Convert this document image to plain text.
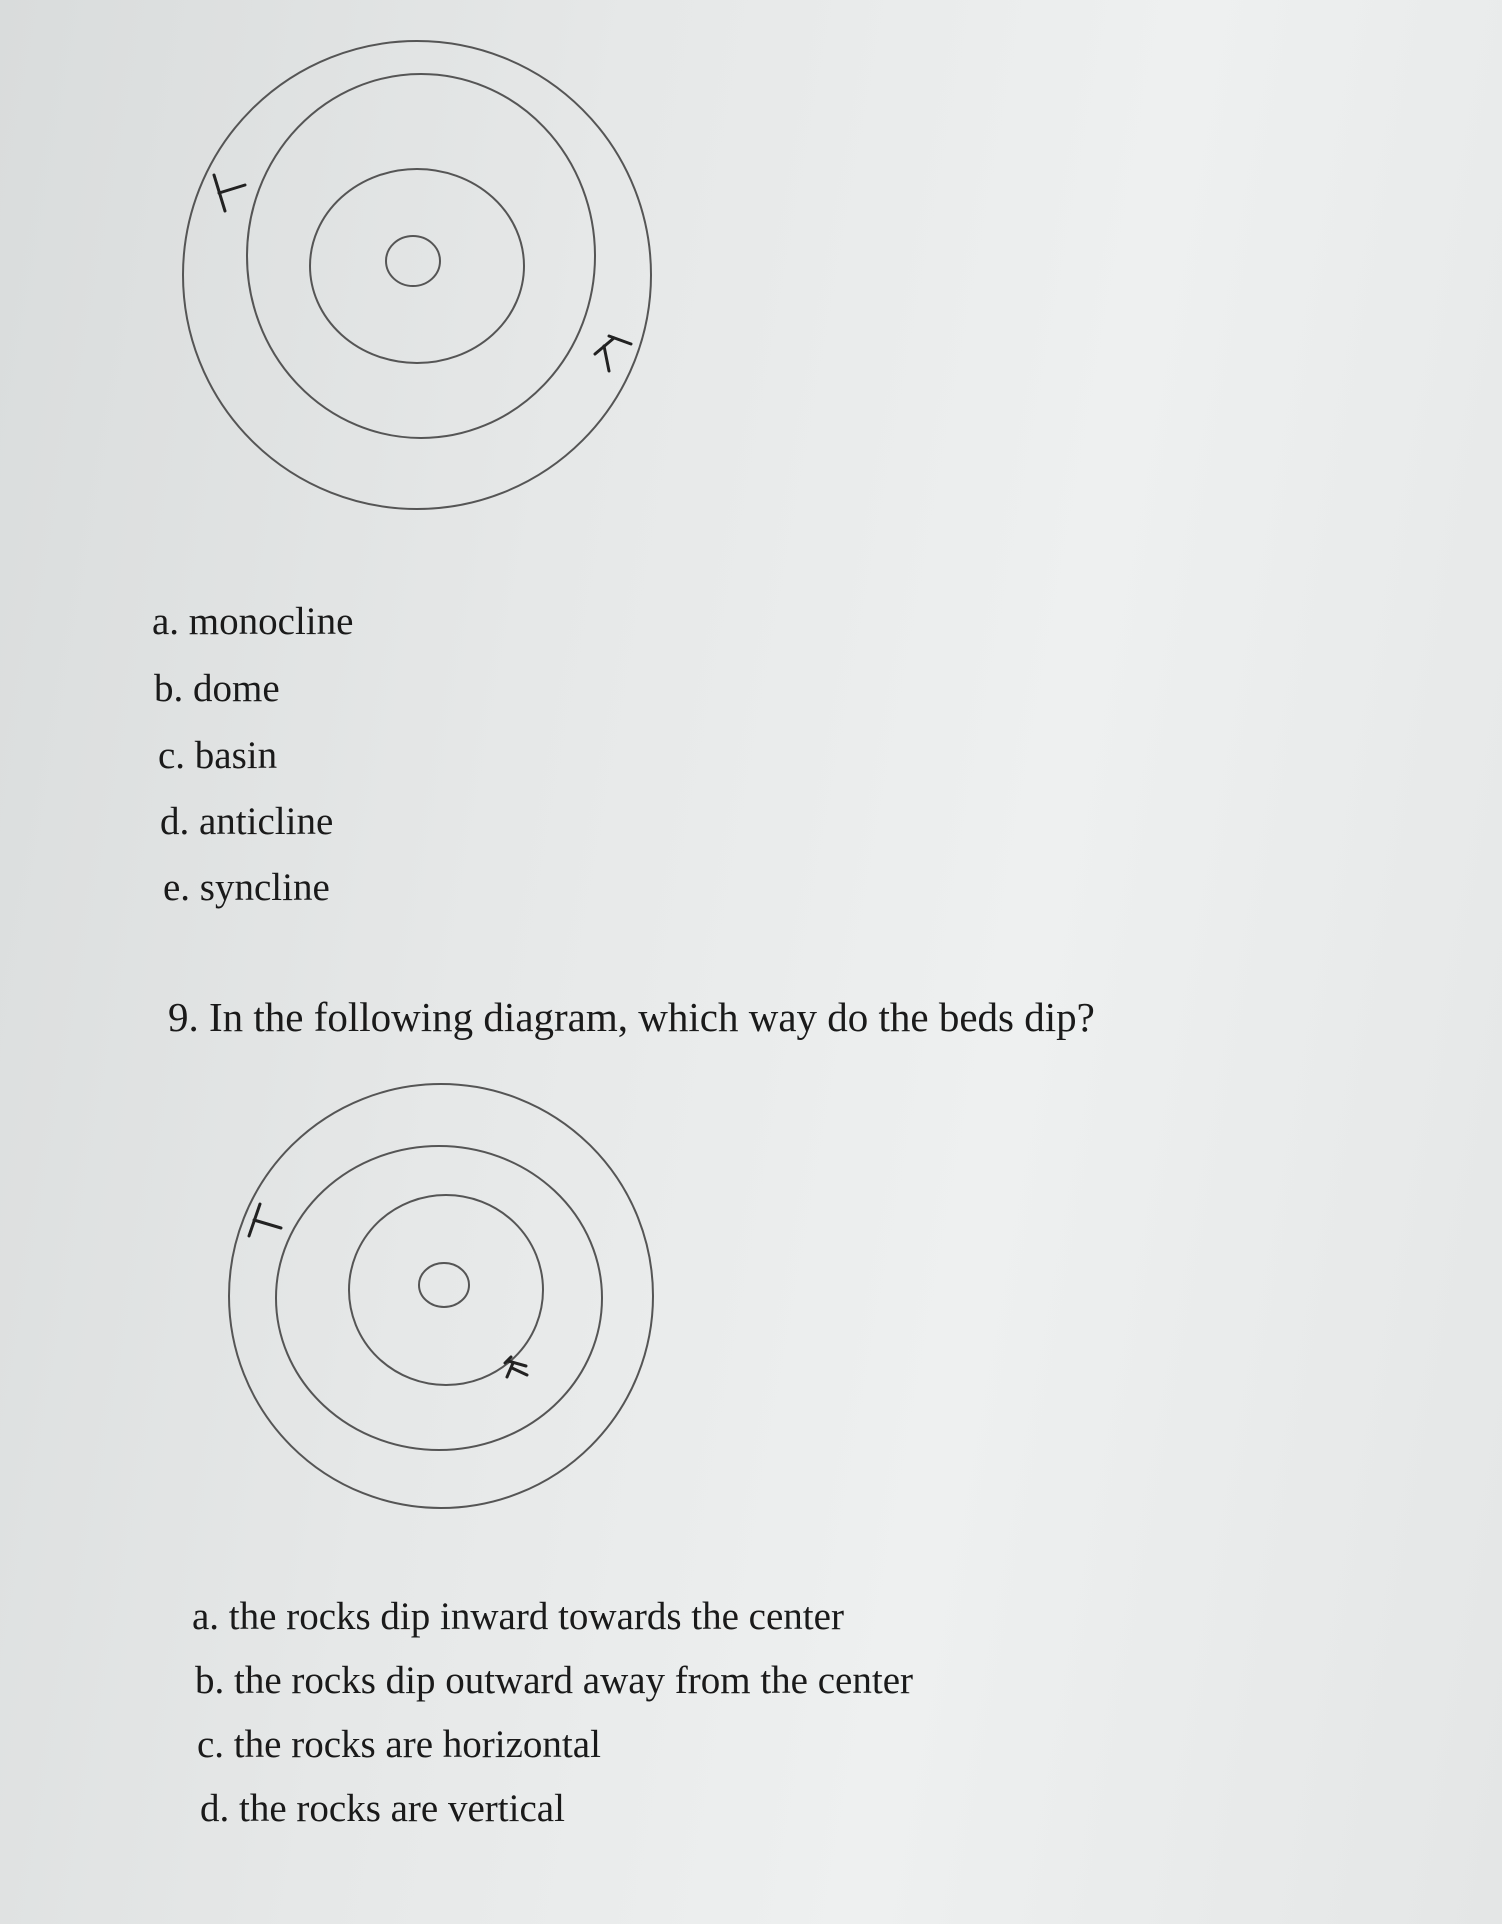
a. monocline
b. dome
c. basin
d. anticline
e. syncline
9. In the following diagram, which way do the beds dip?
a. the rocks dip inward towards the center
b. the rocks dip outward away from the center
c. the rocks are horizontal
d. the rocks are vertical
